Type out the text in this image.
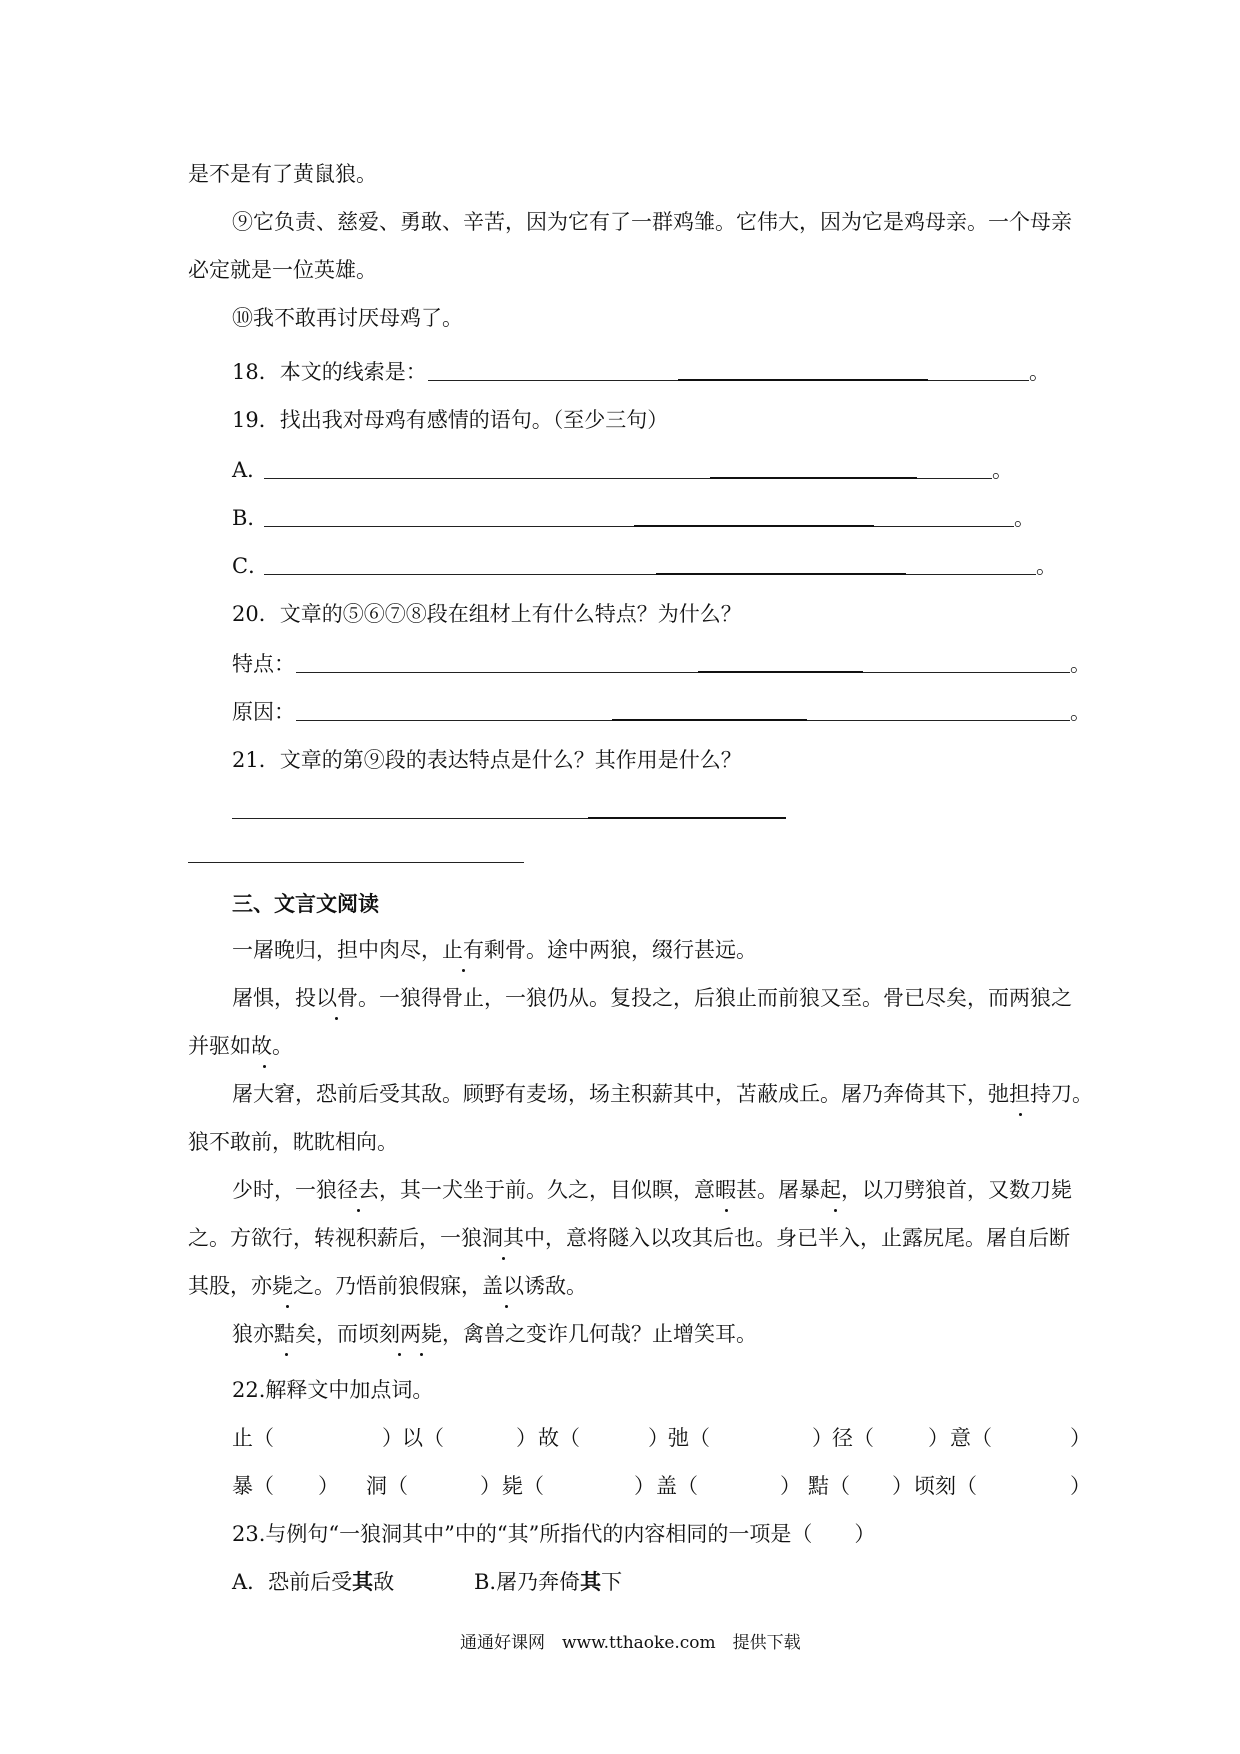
是不是有了黄鼠狼。
⑨它负责、慈爱、勇敢、辛苦，因为它有了一群鸡雏。它伟大，因为它是鸡母亲。一个母亲
必定就是一位英雄。
⑩我不敢再讨厌母鸡了。
18．本文的线索是：	。
19．找出我对母鸡有感情的语句。（至少三句）
A．	。
B．	。
C．	。
20．文章的⑤⑥⑦⑧段在组材上有什么特点？为什么？
特点：	。
原因：	。
21．文章的第⑨段的表达特点是什么？其作用是什么？
三、文言文阅读
一屠晚归，担中肉尽，止有剩骨。途中两狼，缀行甚远。
屠惧，投以骨。一狼得骨止，一狼仍从。复投之，后狼止而前狼又至。骨已尽矣，而两狼之
并驱如故。
屠大窘，恐前后受其敌。顾野有麦场，场主积薪其中，苫蔽成丘。屠乃奔倚其下，弛担持刀。
狼不敢前，眈眈相向。
少时，一狼径去，其一犬坐于前。久之，目似瞑，意暇甚。屠暴起，以刀劈狼首，又数刀毙
之。方欲行，转视积薪后，一狼洞其中，意将隧入以攻其后也。身已半入，止露尻尾。屠自后断
其股，亦毙之。乃悟前狼假寐，盖以诱敌。
狼亦黠矣，而顷刻两毙，禽兽之变诈几何哉？止增笑耳。
22.解释文中加点词。
止（	） 以（	） 故（	） 弛（	） 径（	） 意（	）
暴（ ） 洞（	） 毙（	） 盖（	） 黠（ ） 顷刻（	）
23.与例句“一狼洞其中”中的“其”所指代的内容相同的一项是（　　）
A．恐前后受其敌	B.屠乃奔倚其下
通通好课网　www.tthaoke.com　提供下载
